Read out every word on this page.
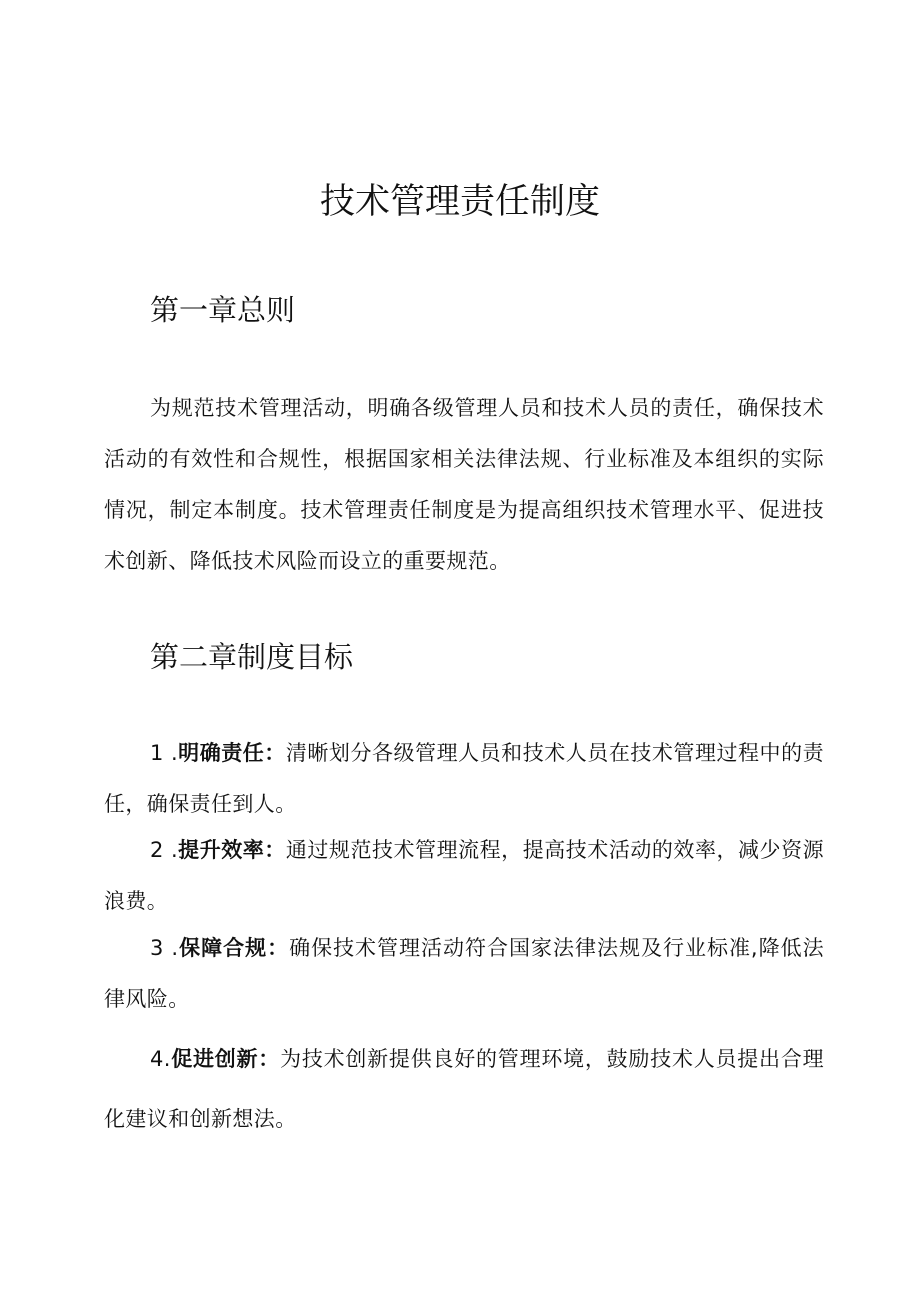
技术管理责任制度
第一章总则

为规范技术管理活动，明确各级管理人员和技术人员的责任，确保技术活动的有效性和合规性，根据国家相关法律法规、行业标准及本组织的实际情况，制定本制度。技术管理责任制度是为提高组织技术管理水平、促进技术创新、降低技术风险而设立的重要规范。

第二章制度目标

1 .明确责任：清晰划分各级管理人员和技术人员在技术管理过程中的责任，确保责任到人。

2 .提升效率：通过规范技术管理流程，提高技术活动的效率，减少资源浪费。

3 .保障合规：确保技术管理活动符合国家法律法规及行业标准,降低法律风险。

4.促进创新：为技术创新提供良好的管理环境，鼓励技术人员提出合理化建议和创新想法。
